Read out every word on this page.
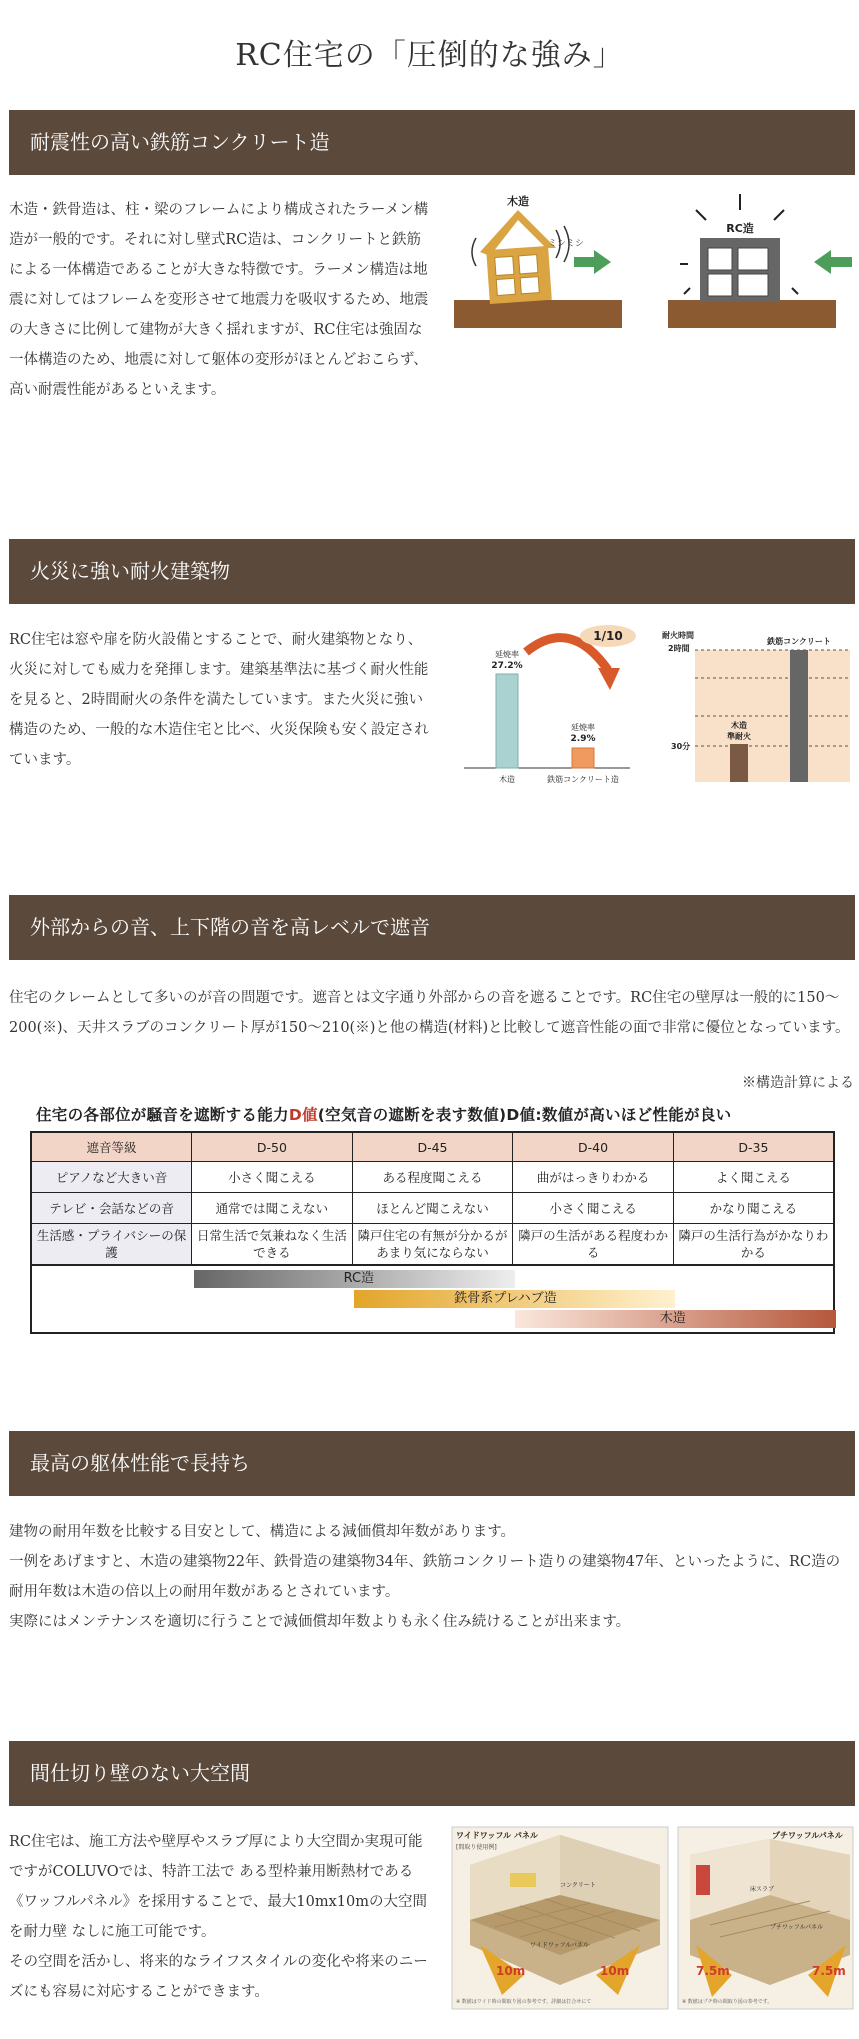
RC住宅の「圧倒的な強み」
耐震性の高い鉄筋コンクリート造

木造・鉄骨造は、柱・梁のフレームにより構成されたラーメン構造が一般的です。それに対し壁式RC造は、コンクリートと鉄筋による一体構造であることが大きな特徴です。ラーメン構造は地震に対してはフレームを変形させて地震力を吸収するため、地震の大きさに比例して建物が大きく揺れますが、RC住宅は強固な一体構造のため、地震に対して躯体の変形がほとんどおこらず、高い耐震性能があるといえます。

木造
ミシミシ
RC造
火災に強い耐火建築物

RC住宅は窓や扉を防火設備とすることで、耐火建築物となり、火災に対しても威力を発揮します。建築基準法に基づく耐火性能を見ると、2時間耐火の条件を満たしています。また火災に強い構造のため、一般的な木造住宅と比べ、火災保険も安く設定されています。

延焼率
27.2%
延焼率
2.9%
木造	鉄筋コンクリート造
1/10	耐火時間
2時間
30分
鉄筋コンクリート
木造
準耐火
外部からの音、上下階の音を高レベルで遮音

住宅のクレームとして多いのが音の問題です。遮音とは文字通り外部からの音を遮ることです。RC住宅の壁厚は一般的に150～200(※)、天井スラブのコンクリート厚が150～210(※)と他の構造(材料)と比較して遮音性能の面で非常に優位となっています。

※構造計算による
住宅の各部位が騒音を遮断する能力D値(空気音の遮断を表す数値)D値:数値が高いほど性能が良い
遮音等級	D-50	D-45	D-40	D-35
ピアノなど大きい音	小さく聞こえる	ある程度聞こえる	曲がはっきりわかる	よく聞こえる
テレビ・会話などの音	通常では聞こえない	ほとんど聞こえない	小さく聞こえる	かなり聞こえる
生活感・プライバシーの保護	日常生活で気兼ねなく生活できる	隣戸住宅の有無が分かるがあまり気にならない	隣戸の生活がある程度わかる	隣戸の生活行為がかなりわかる

RC造
鉄骨系プレハブ造
木造				
最高の躯体性能で長持ち

建物の耐用年数を比較する目安として、構造による減価償却年数があります。

一例をあげますと、木造の建築物22年、鉄骨造の建築物34年、鉄筋コンクリート造りの建築物47年、といったように、RC造の耐用年数は木造の倍以上の耐用年数があるとされています。

実際にはメンテナンスを適切に行うことで減価償却年数よりも永く住み続けることが出来ます。

間仕切り壁のない大空間

RC住宅は、施工方法や壁厚やスラブ厚により大空間か実現可能ですがCOLUVOでは、特許工法で ある型枠兼用断熱材である《ワッフルパネル》を採用することで、最大10mx10mの大空間を耐力壁 なしに施工可能です。

その空間を活かし、将来的なライフスタイルの変化や将来のニーズにも容易に対応することができます。

ワイドワッフル パネル
[間取り使用例]
コンクリート
ワイドワッフルパネル
10m	10m
※ 数値はワイド時の間取り図の参考です。詳細は打合せにて
プチワッフルパネル
床スラブ
プチワッフルパネル
7.5m	7.5m
※ 数値はプチ時の間取り図の参考です。
